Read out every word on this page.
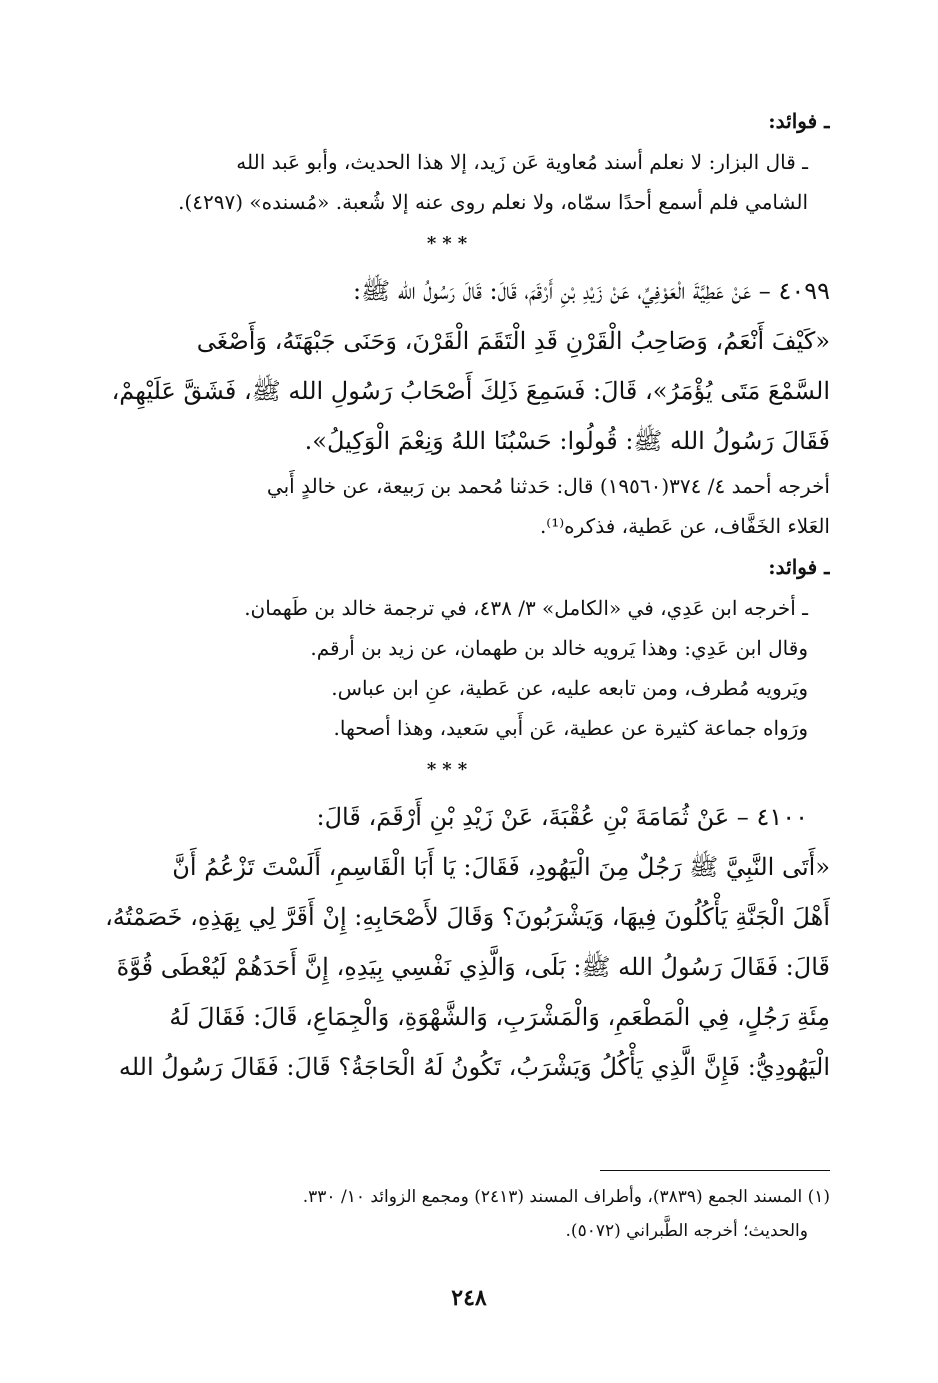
ـ فوائد:

ـ قال البزار: لا نعلم أسند مُعاوية عَن زَيد، إلا هذا الحديث، وأبو عَبد الله

الشامي فلم أسمع أحدًا سمّاه، ولا نعلم روى عنه إلا شُعبة. «مُسنده» (٤٢٩٧).

***

٤٠٩٩ – عَنْ عَطِيَّةَ الْعَوْفِيِّ، عَنْ زَيْدِ بْنِ أَرْقَمَ، قَالَ: قَالَ رَسُولُ الله ﷺ:

«كَيْفَ أَنْعَمُ، وَصَاحِبُ الْقَرْنِ قَدِ الْتَقَمَ الْقَرْنَ، وَحَنَى جَبْهَتَهُ، وَأَصْغَى

السَّمْعَ مَتَى يُؤْمَرُ»، قَالَ: فَسَمِعَ ذَلِكَ أَصْحَابُ رَسُولِ الله ﷺ، فَشَقَّ عَلَيْهِمْ،

فَقَالَ رَسُولُ الله ﷺ: قُولُوا: حَسْبُنَا اللهُ وَنِعْمَ الْوَكِيلُ».

أخرجه أحمد ٤/ ٣٧٤(١٩٥٦٠) قال: حَدثنا مُحمد بن رَبيعة، عن خالدٍ أَبي

العَلاء الخَفَّاف، عن عَطية، فذكره⁽¹⁾.

ـ فوائد:

ـ أخرجه ابن عَدِي، في «الكامل» ٣/ ٤٣٨، في ترجمة خالد بن طَهمان.

وقال ابن عَدِي: وهذا يَرويه خالد بن طهمان، عن زيد بن أرقم.

ويَرويه مُطرف، ومن تابعه عليه، عن عَطية، عنِ ابن عباس.

ورَواه جماعة كثيرة عن عطية، عَن أَبي سَعيد، وهذا أصحها.

***

٤١٠٠ – عَنْ ثُمَامَةَ بْنِ عُقْبَةَ، عَنْ زَيْدِ بْنِ أَرْقَمَ، قَالَ:

«أَتَى النَّبِيَّ ﷺ رَجُلٌ مِنَ الْيَهُودِ، فَقَالَ: يَا أَبَا الْقَاسِمِ، أَلَسْتَ تَزْعُمُ أَنَّ

أَهْلَ الْجَنَّةِ يَأْكُلُونَ فِيهَا، وَيَشْرَبُونَ؟ وَقَالَ لأَصْحَابِهِ: إِنْ أَقَرَّ لِي بِهَذِهِ، خَصَمْتُهُ،

قَالَ: فَقَالَ رَسُولُ الله ﷺ: بَلَى، وَالَّذِي نَفْسِي بِيَدِهِ، إِنَّ أَحَدَهُمْ لَيُعْطَى قُوَّةَ

مِئَةِ رَجُلٍ، فِي الْمَطْعَمِ، وَالْمَشْرَبِ، وَالشَّهْوَةِ، وَالْجِمَاعِ، قَالَ: فَقَالَ لَهُ

الْيَهُودِيُّ: فَإِنَّ الَّذِي يَأْكُلُ وَيَشْرَبُ، تَكُونُ لَهُ الْحَاجَةُ؟ قَالَ: فَقَالَ رَسُولُ الله

(١) المسند الجمع (٣٨٣٩)، وأطراف المسند (٢٤١٣) ومجمع الزوائد ١٠/ ٣٣٠.

والحديث؛ أخرجه الطَّبراني (٥٠٧٢).

٢٤٨
